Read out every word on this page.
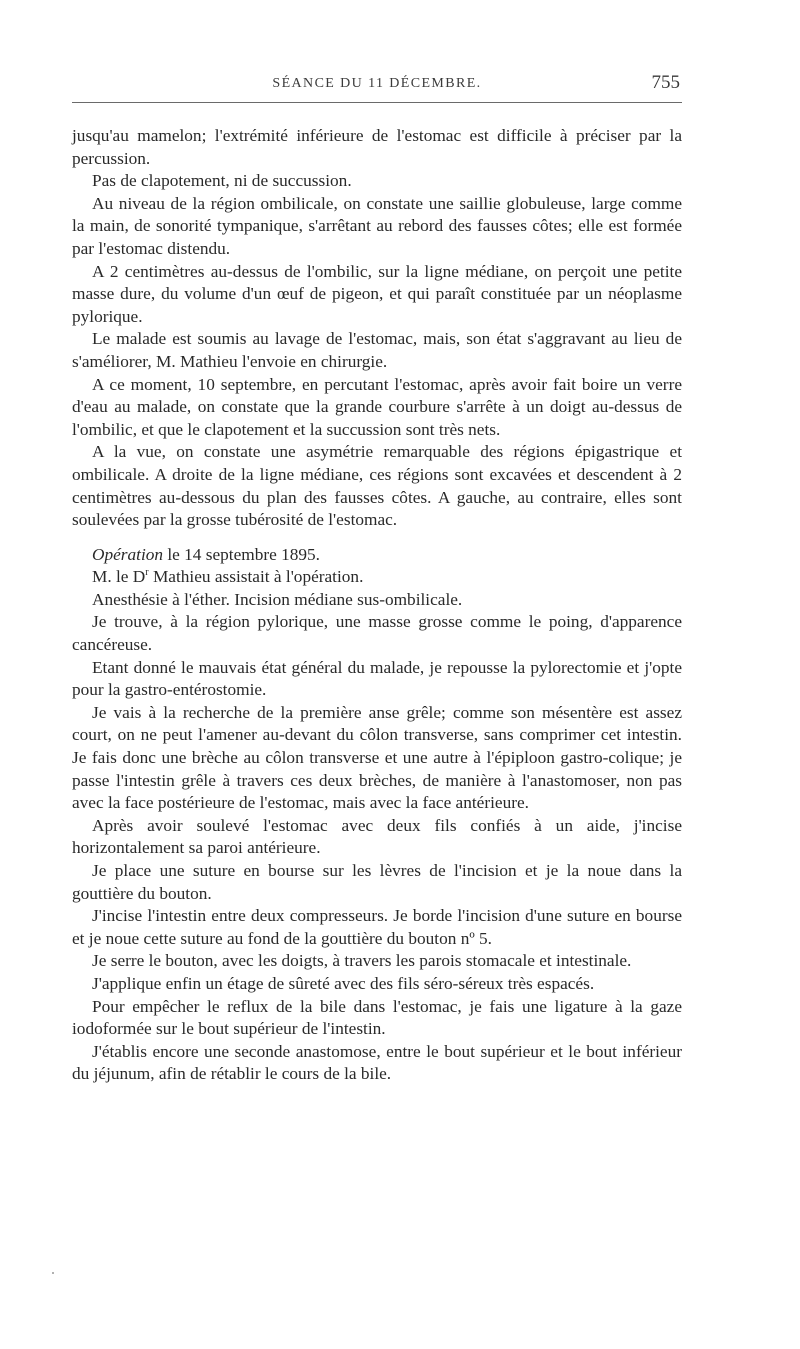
SÉANCE DU 11 DÉCEMBRE.	755

jusqu'au mamelon; l'extrémité inférieure de l'estomac est difficile à préciser par la percussion.

Pas de clapotement, ni de succussion.

Au niveau de la région ombilicale, on constate une saillie globuleuse, large comme la main, de sonorité tympanique, s'arrêtant au rebord des fausses côtes; elle est formée par l'estomac distendu.

A 2 centimètres au-dessus de l'ombilic, sur la ligne médiane, on perçoit une petite masse dure, du volume d'un œuf de pigeon, et qui paraît constituée par un néoplasme pylorique.

Le malade est soumis au lavage de l'estomac, mais, son état s'aggravant au lieu de s'améliorer, M. Mathieu l'envoie en chirurgie.

A ce moment, 10 septembre, en percutant l'estomac, après avoir fait boire un verre d'eau au malade, on constate que la grande courbure s'arrête à un doigt au-dessus de l'ombilic, et que le clapotement et la succussion sont très nets.

A la vue, on constate une asymétrie remarquable des régions épigastrique et ombilicale. A droite de la ligne médiane, ces régions sont excavées et descendent à 2 centimètres au-dessous du plan des fausses côtes. A gauche, au contraire, elles sont soulevées par la grosse tubérosité de l'estomac.

Opération le 14 septembre 1895.

M. le $D^r$ Mathieu assistait à l'opération.

Anesthésie à l'éther. Incision médiane sus-ombilicale.

Je trouve, à la région pylorique, une masse grosse comme le poing, d'apparence cancéreuse.

Etant donné le mauvais état général du malade, je repousse la pylorectomie et j'opte pour la gastro-entérostomie.

Je vais à la recherche de la première anse grêle; comme son mésentère est assez court, on ne peut l'amener au-devant du côlon transverse, sans comprimer cet intestin. Je fais donc une brèche au côlon transverse et une autre à l'épiploon gastro-colique; je passe l'intestin grêle à travers ces deux brèches, de manière à l'anastomoser, non pas avec la face postérieure de l'estomac, mais avec la face antérieure.

Après avoir soulevé l'estomac avec deux fils confiés à un aide, j'incise horizontalement sa paroi antérieure.

Je place une suture en bourse sur les lèvres de l'incision et je la noue dans la gouttière du bouton.

J'incise l'intestin entre deux compresseurs. Je borde l'incision d'une suture en bourse et je noue cette suture au fond de la gouttière du bouton nº 5.

Je serre le bouton, avec les doigts, à travers les parois stomacale et intestinale.

J'applique enfin un étage de sûreté avec des fils séro-séreux très espacés.

Pour empêcher le reflux de la bile dans l'estomac, je fais une ligature à la gaze iodoformée sur le bout supérieur de l'intestin.

J'établis encore une seconde anastomose, entre le bout supérieur et le bout inférieur du jéjunum, afin de rétablir le cours de la bile.
